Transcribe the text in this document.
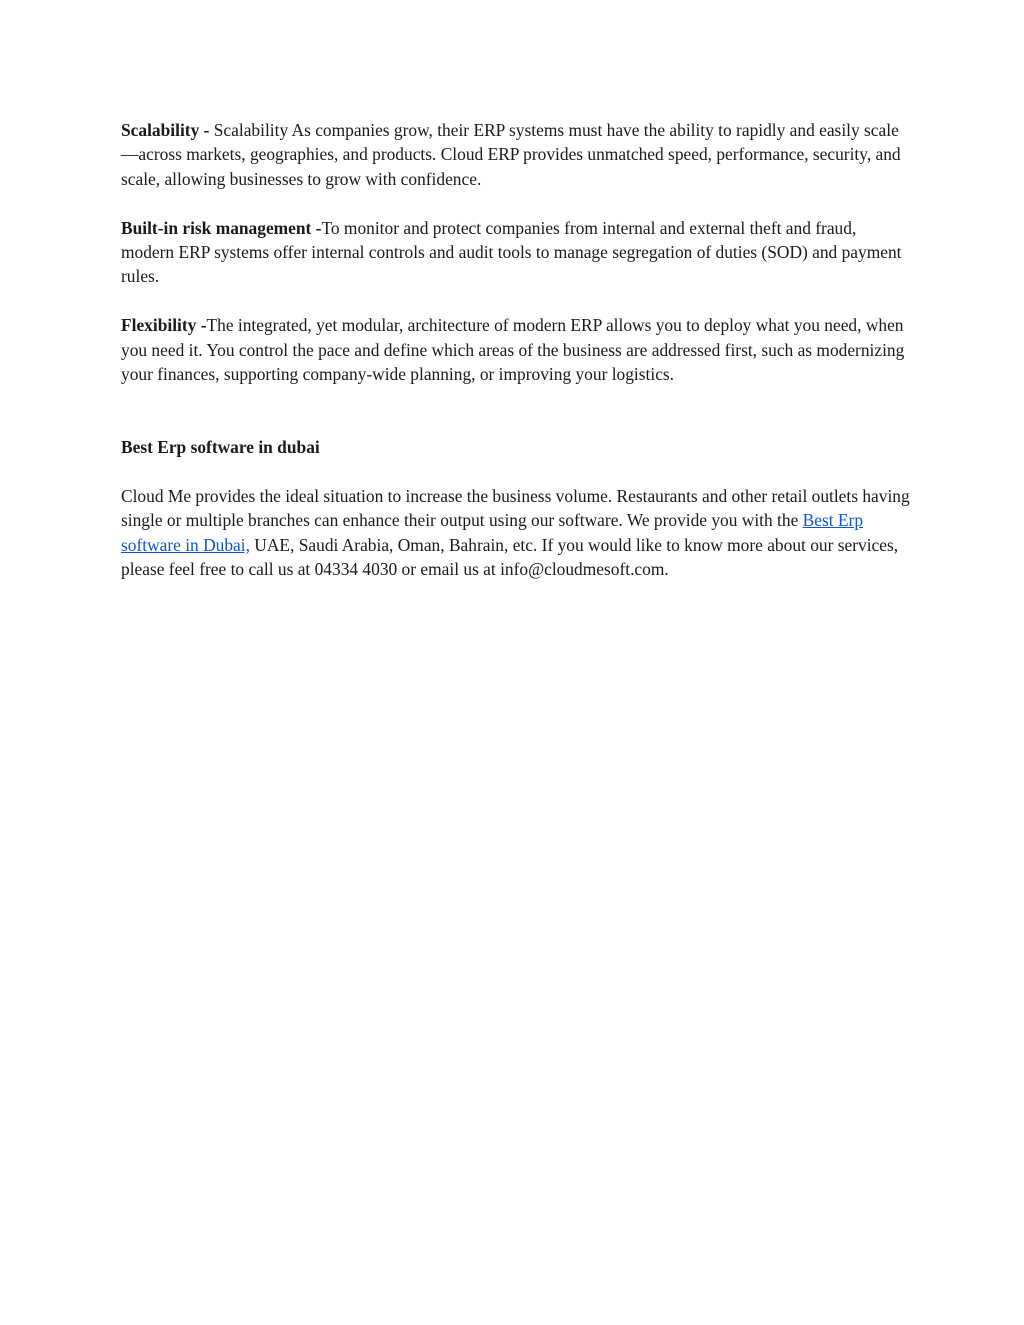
Scalability - Scalability As companies grow, their ERP systems must have the ability to rapidly and easily scale—across markets, geographies, and products. Cloud ERP provides unmatched speed, performance, security, and scale, allowing businesses to grow with confidence.

Built-in risk management -To monitor and protect companies from internal and external theft and fraud, modern ERP systems offer internal controls and audit tools to manage segregation of duties (SOD) and payment rules.

Flexibility -The integrated, yet modular, architecture of modern ERP allows you to deploy what you need, when you need it. You control the pace and define which areas of the business are addressed first, such as modernizing your finances, supporting company-wide planning, or improving your logistics.

Best Erp software in dubai

Cloud Me provides the ideal situation to increase the business volume. Restaurants and other retail outlets having single or multiple branches can enhance their output using our software. We provide you with the Best Erp software in Dubai, UAE, Saudi Arabia, Oman, Bahrain, etc. If you would like to know more about our services, please feel free to call us at 04334 4030 or email us at info@cloudmesoft.com.
